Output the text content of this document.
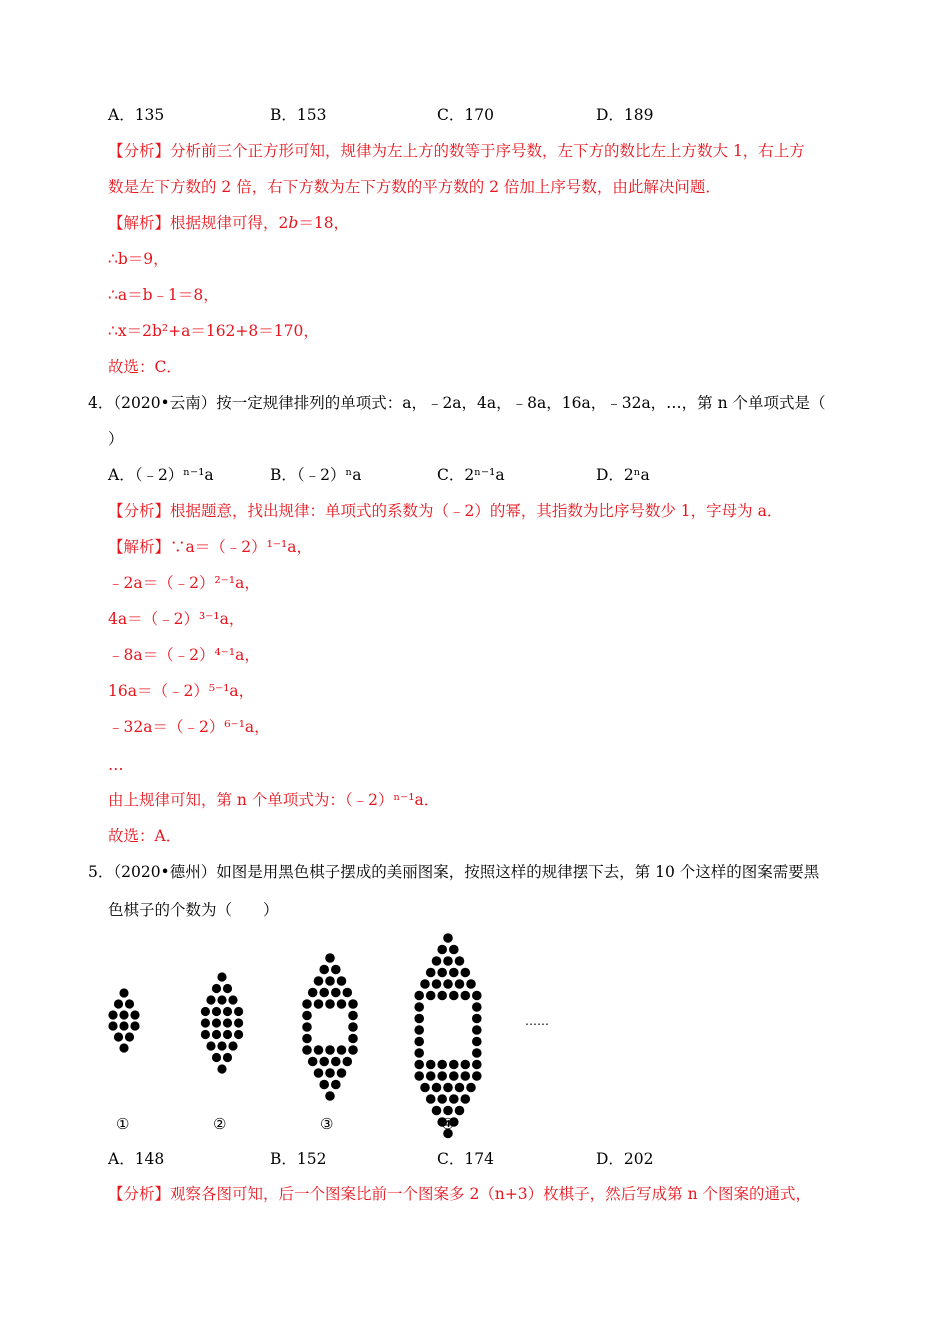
A．135	B．153	C．170	D．189
【分析】分析前三个正方形可知，规律为左上方的数等于序号数，左下方的数比左上方数大 1，右上方
数是左下方数的 2 倍，右下方数为左下方数的平方数的 2 倍加上序号数，由此解决问题．
【解析】根据规律可得，2b＝18，
∴b＝9，
∴a＝b﹣1＝8，
∴x＝2b²+a＝162+8＝170，
故选：C．
4．（2020•云南）按一定规律排列的单项式：a，﹣2a，4a，﹣8a，16a，﹣32a，…，第 n 个单项式是（
）
A．（﹣2）ⁿ⁻¹a	B．（﹣2）ⁿa	C．2ⁿ⁻¹a	D．2ⁿa
【分析】根据题意，找出规律：单项式的系数为（﹣2）的幂，其指数为比序号数少 1，字母为 a．
【解析】∵a＝（﹣2）¹⁻¹a，
﹣2a＝（﹣2）²⁻¹a，
4a＝（﹣2）³⁻¹a，
﹣8a＝（﹣2）⁴⁻¹a，
16a＝（﹣2）⁵⁻¹a，
﹣32a＝（﹣2）⁶⁻¹a，
…
由上规律可知，第 n 个单项式为：（﹣2）ⁿ⁻¹a．
故选：A．
5．（2020•德州）如图是用黑色棋子摆成的美丽图案，按照这样的规律摆下去，第 10 个这样的图案需要黑
色棋子的个数为（　　）
……
①	②	③	④
A．148	B．152	C．174	D．202
【分析】观察各图可知，后一个图案比前一个图案多 2（n+3）枚棋子，然后写成第 n 个图案的通式，
